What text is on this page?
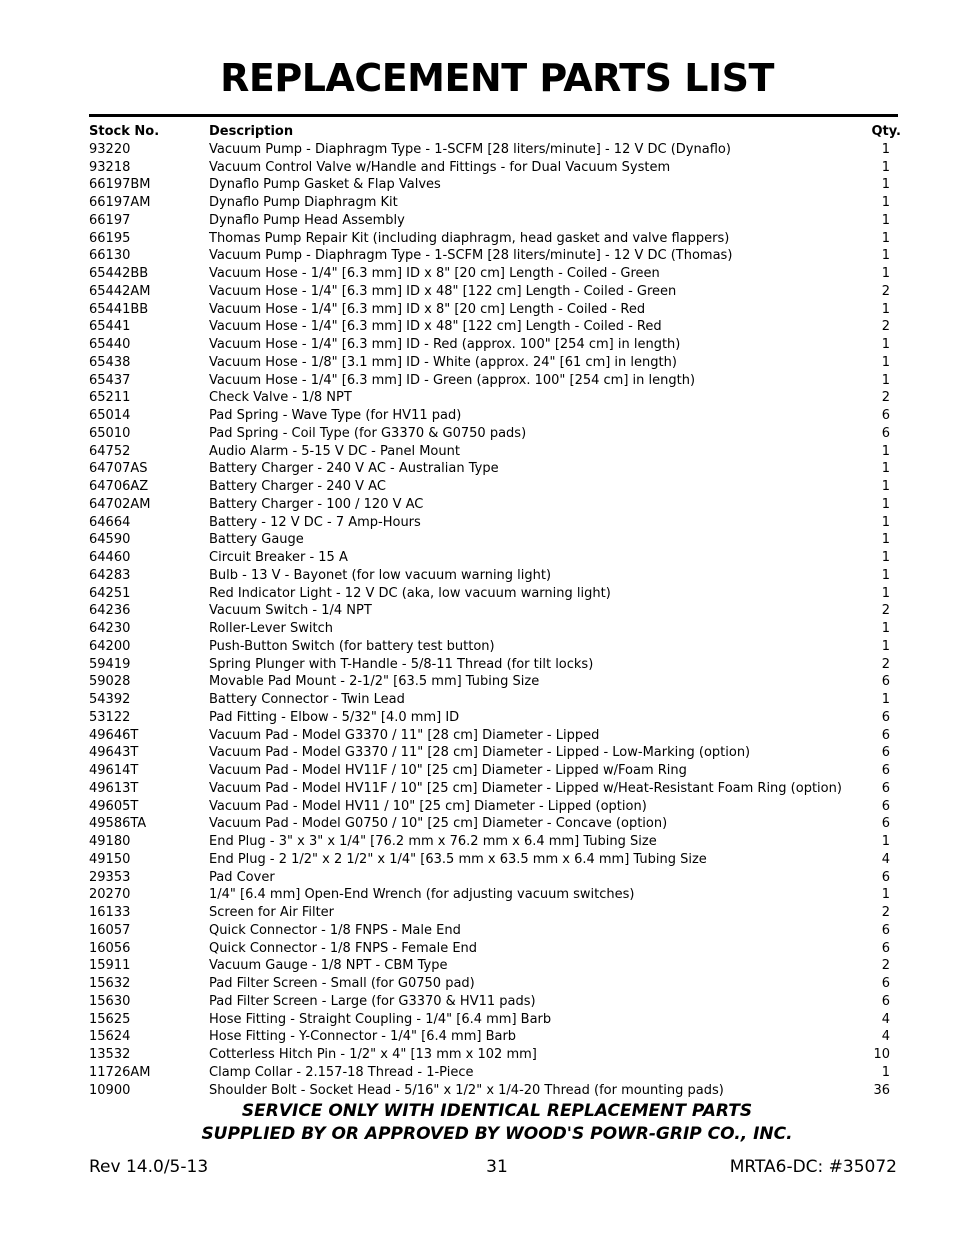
REPLACEMENT PARTS LIST
Stock No.	Description	Qty.
93220	Vacuum Pump - Diaphragm Type - 1-SCFM [28 liters/minute] - 12 V DC (Dynaflo)	1
93218	Vacuum Control Valve w/Handle and Fittings - for Dual Vacuum System	1
66197BM	Dynaflo Pump Gasket & Flap Valves	1
66197AM	Dynaflo Pump Diaphragm Kit	1
66197	Dynaflo Pump Head Assembly	1
66195	Thomas Pump Repair Kit (including diaphragm, head gasket and valve flappers)	1
66130	Vacuum Pump - Diaphragm Type - 1-SCFM [28 liters/minute] - 12 V DC (Thomas)	1
65442BB	Vacuum Hose - 1/4" [6.3 mm] ID x 8" [20 cm] Length - Coiled - Green	1
65442AM	Vacuum Hose - 1/4" [6.3 mm] ID x 48" [122 cm] Length - Coiled - Green	2
65441BB	Vacuum Hose - 1/4" [6.3 mm] ID x 8" [20 cm] Length - Coiled - Red	1
65441	Vacuum Hose - 1/4" [6.3 mm] ID x 48" [122 cm] Length - Coiled - Red	2
65440	Vacuum Hose - 1/4" [6.3 mm] ID - Red (approx. 100" [254 cm] in length)	1
65438	Vacuum Hose - 1/8" [3.1 mm] ID - White (approx. 24" [61 cm] in length)	1
65437	Vacuum Hose - 1/4" [6.3 mm] ID - Green (approx. 100" [254 cm] in length)	1
65211	Check Valve - 1/8 NPT	2
65014	Pad Spring - Wave Type (for HV11 pad)	6
65010	Pad Spring - Coil Type (for G3370 & G0750 pads)	6
64752	Audio Alarm - 5-15 V DC - Panel Mount	1
64707AS	Battery Charger - 240 V AC - Australian Type	1
64706AZ	Battery Charger - 240 V AC	1
64702AM	Battery Charger - 100 / 120 V AC	1
64664	Battery - 12 V DC - 7 Amp-Hours	1
64590	Battery Gauge	1
64460	Circuit Breaker - 15 A	1
64283	Bulb - 13 V - Bayonet (for low vacuum warning light)	1
64251	Red Indicator Light - 12 V DC (aka, low vacuum warning light)	1
64236	Vacuum Switch - 1/4 NPT	2
64230	Roller-Lever Switch	1
64200	Push-Button Switch (for battery test button)	1
59419	Spring Plunger with T-Handle - 5/8-11 Thread (for tilt locks)	2
59028	Movable Pad Mount - 2-1/2" [63.5 mm] Tubing Size	6
54392	Battery Connector - Twin Lead	1
53122	Pad Fitting - Elbow - 5/32" [4.0 mm] ID	6
49646T	Vacuum Pad - Model G3370 / 11" [28 cm] Diameter - Lipped	6
49643T	Vacuum Pad - Model G3370 / 11" [28 cm] Diameter - Lipped - Low-Marking (option)	6
49614T	Vacuum Pad - Model HV11F / 10" [25 cm] Diameter - Lipped w/Foam Ring	6
49613T	Vacuum Pad - Model HV11F / 10" [25 cm] Diameter - Lipped w/Heat-Resistant Foam Ring (option)	6
49605T	Vacuum Pad - Model HV11 / 10" [25 cm] Diameter - Lipped (option)	6
49586TA	Vacuum Pad - Model G0750 / 10" [25 cm] Diameter - Concave (option)	6
49180	End Plug - 3" x 3" x 1/4" [76.2 mm x 76.2 mm x 6.4 mm] Tubing Size	1
49150	End Plug - 2 1/2" x 2 1/2" x 1/4" [63.5 mm x 63.5 mm x 6.4 mm] Tubing Size	4
29353	Pad Cover	6
20270	1/4" [6.4 mm] Open-End Wrench (for adjusting vacuum switches)	1
16133	Screen for Air Filter	2
16057	Quick Connector - 1/8 FNPS - Male End	6
16056	Quick Connector - 1/8 FNPS - Female End	6
15911	Vacuum Gauge - 1/8 NPT - CBM Type	2
15632	Pad Filter Screen - Small (for G0750 pad)	6
15630	Pad Filter Screen - Large (for G3370 & HV11 pads)	6
15625	Hose Fitting - Straight Coupling - 1/4" [6.4 mm] Barb	4
15624	Hose Fitting - Y-Connector - 1/4" [6.4 mm] Barb	4
13532	Cotterless Hitch Pin - 1/2" x 4" [13 mm x 102 mm]	10
11726AM	Clamp Collar - 2.157-18 Thread - 1-Piece	1
10900	Shoulder Bolt - Socket Head - 5/16" x 1/2" x 1/4-20 Thread (for mounting pads)	36
SERVICE ONLY WITH IDENTICAL REPLACEMENT PARTS
SUPPLIED BY OR APPROVED BY WOOD'S POWR-GRIP CO., INC.
Rev 14.0/5-13	31	MRTA6-DC: #35072
